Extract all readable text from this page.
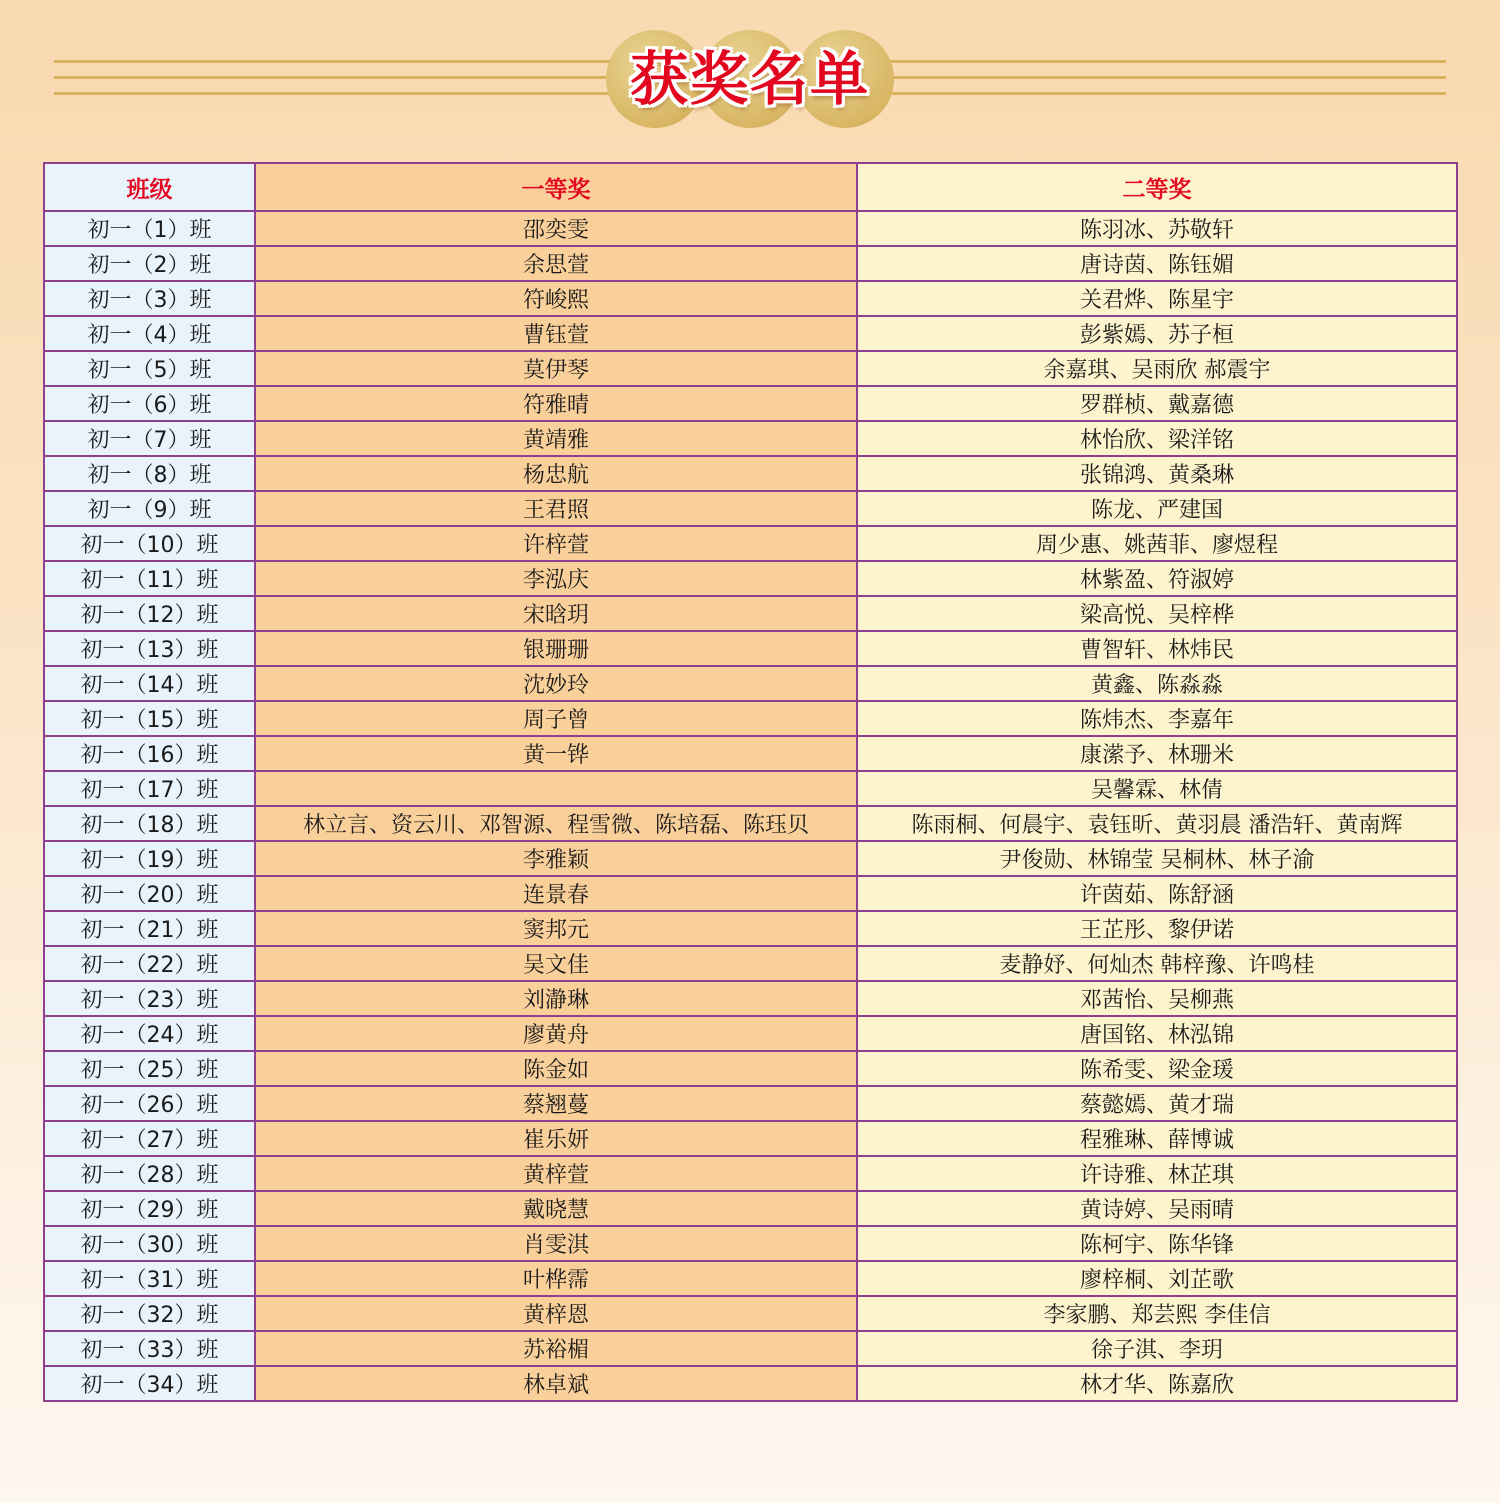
获奖名单
班级	一等奖	二等奖
初一（1）班	邵奕雯	陈羽冰、苏敬轩
初一（2）班	余思萱	唐诗茵、陈钰媚
初一（3）班	符峻熙	关君烨、陈星宇
初一（4）班	曹钰萱	彭紫嫣、苏子桓
初一（5）班	莫伊琴	余嘉琪、吴雨欣 郝震宇
初一（6）班	符雅晴	罗群桢、戴嘉德
初一（7）班	黄靖雅	林怡欣、梁洋铭
初一（8）班	杨忠航	张锦鸿、黄桑琳
初一（9）班	王君照	陈龙、严建国
初一（10）班	许梓萱	周少惠、姚茜菲、廖煜程
初一（11）班	李泓庆	林紫盈、符淑婷
初一（12）班	宋晗玥	梁高悦、吴梓桦
初一（13）班	银珊珊	曹智轩、林炜民
初一（14）班	沈妙玲	黄鑫、陈淼淼
初一（15）班	周子曾	陈炜杰、李嘉年
初一（16）班	黄一铧	康潆予、林珊米
初一（17）班		吴馨霖、林倩
初一（18）班	林立言、资云川、邓智源、程雪微、陈培磊、陈珏贝	陈雨桐、何晨宇、袁钰昕、黄羽晨 潘浩轩、黄南辉
初一（19）班	李雅颖	尹俊勋、林锦莹 吴桐林、林子渝
初一（20）班	连景春	许茵茹、陈舒涵
初一（21）班	窦邦元	王芷彤、黎伊诺
初一（22）班	吴文佳	麦静妤、何灿杰 韩梓豫、许鸣桂
初一（23）班	刘瀞琳	邓茜怡、吴柳燕
初一（24）班	廖黄舟	唐国铭、林泓锦
初一（25）班	陈金如	陈希雯、梁金瑗
初一（26）班	蔡翘蔓	蔡懿嫣、黄才瑞
初一（27）班	崔乐妍	程雅琳、薛博诚
初一（28）班	黄梓萱	许诗雅、林芷琪
初一（29）班	戴晓慧	黄诗婷、吴雨晴
初一（30）班	肖雯淇	陈柯宇、陈华锋
初一（31）班	叶桦霈	廖梓桐、刘芷歌
初一（32）班	黄梓恩	李家鹏、郑芸熙 李佳信
初一（33）班	苏裕楣	徐子淇、李玥
初一（34）班	林卓斌	林才华、陈嘉欣
